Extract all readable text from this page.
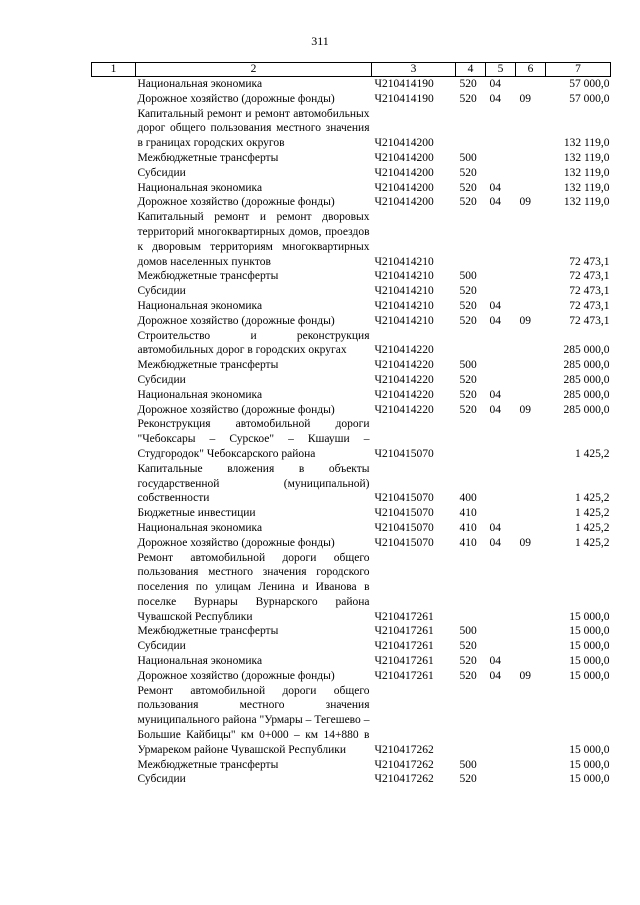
311
1	2	3	4	5	6	7
	Национальная экономика	Ч210414190	520	04		57 000,0
	Дорожное хозяйство (дорожные фонды)	Ч210414190	520	04	09	57 000,0
	Капитальный ремонт и ремонт автомобильных дорог общего пользования местного значения в границах городских округов	Ч210414200				132 119,0
	Межбюджетные трансферты	Ч210414200	500			132 119,0
	Субсидии	Ч210414200	520			132 119,0
	Национальная экономика	Ч210414200	520	04		132 119,0
	Дорожное хозяйство (дорожные фонды)	Ч210414200	520	04	09	132 119,0
	Капитальный ремонт и ремонт дворовых территорий многоквартирных домов, проездов к дворовым территориям многоквартирных домов населенных пунктов	Ч210414210				72 473,1
	Межбюджетные трансферты	Ч210414210	500			72 473,1
	Субсидии	Ч210414210	520			72 473,1
	Национальная экономика	Ч210414210	520	04		72 473,1
	Дорожное хозяйство (дорожные фонды)	Ч210414210	520	04	09	72 473,1
	Строительство и реконструкция автомобильных дорог в городских округах	Ч210414220				285 000,0
	Межбюджетные трансферты	Ч210414220	500			285 000,0
	Субсидии	Ч210414220	520			285 000,0
	Национальная экономика	Ч210414220	520	04		285 000,0
	Дорожное хозяйство (дорожные фонды)	Ч210414220	520	04	09	285 000,0
	Реконструкция автомобильной дороги "Чебоксары – Сурское" – Кшауши – Студгородок" Чебоксарского района	Ч210415070				1 425,2
	Капитальные вложения в объекты государственной (муниципальной) собственности	Ч210415070	400			1 425,2
	Бюджетные инвестиции	Ч210415070	410			1 425,2
	Национальная экономика	Ч210415070	410	04		1 425,2
	Дорожное хозяйство (дорожные фонды)	Ч210415070	410	04	09	1 425,2
	Ремонт автомобильной дороги общего пользования местного значения городского поселения по улицам Ленина и Иванова в поселке Вурнары Вурнарского района Чувашской Республики	Ч210417261				15 000,0
	Межбюджетные трансферты	Ч210417261	500			15 000,0
	Субсидии	Ч210417261	520			15 000,0
	Национальная экономика	Ч210417261	520	04		15 000,0
	Дорожное хозяйство (дорожные фонды)	Ч210417261	520	04	09	15 000,0
	Ремонт автомобильной дороги общего пользования местного значения муниципального района "Урмары – Тегешево – Большие Кайбицы" км 0+000 – км 14+880 в Урмареком районе Чувашской Республики	Ч210417262				15 000,0
	Межбюджетные трансферты	Ч210417262	500			15 000,0
	Субсидии	Ч210417262	520			15 000,0
